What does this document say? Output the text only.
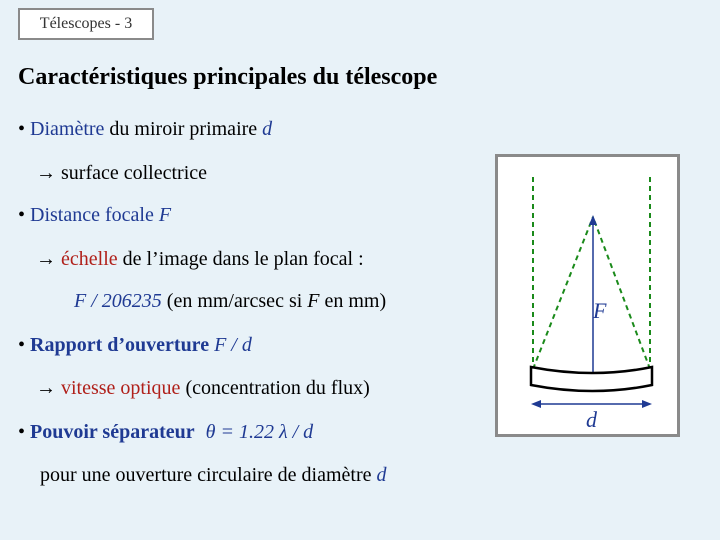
Télescopes - 3
Caractéristiques principales du télescope
• Diamètre du miroir primaire d
→ surface collectrice
• Distance focale F
→ échelle de l’image dans le plan focal :
F / 206235 (en mm/arcsec si F en mm)
• Rapport d’ouverture F / d
→ vitesse optique (concentration du flux)
• Pouvoir séparateur θ = 1.22 λ / d
pour une ouverture circulaire de diamètre d
F
d
